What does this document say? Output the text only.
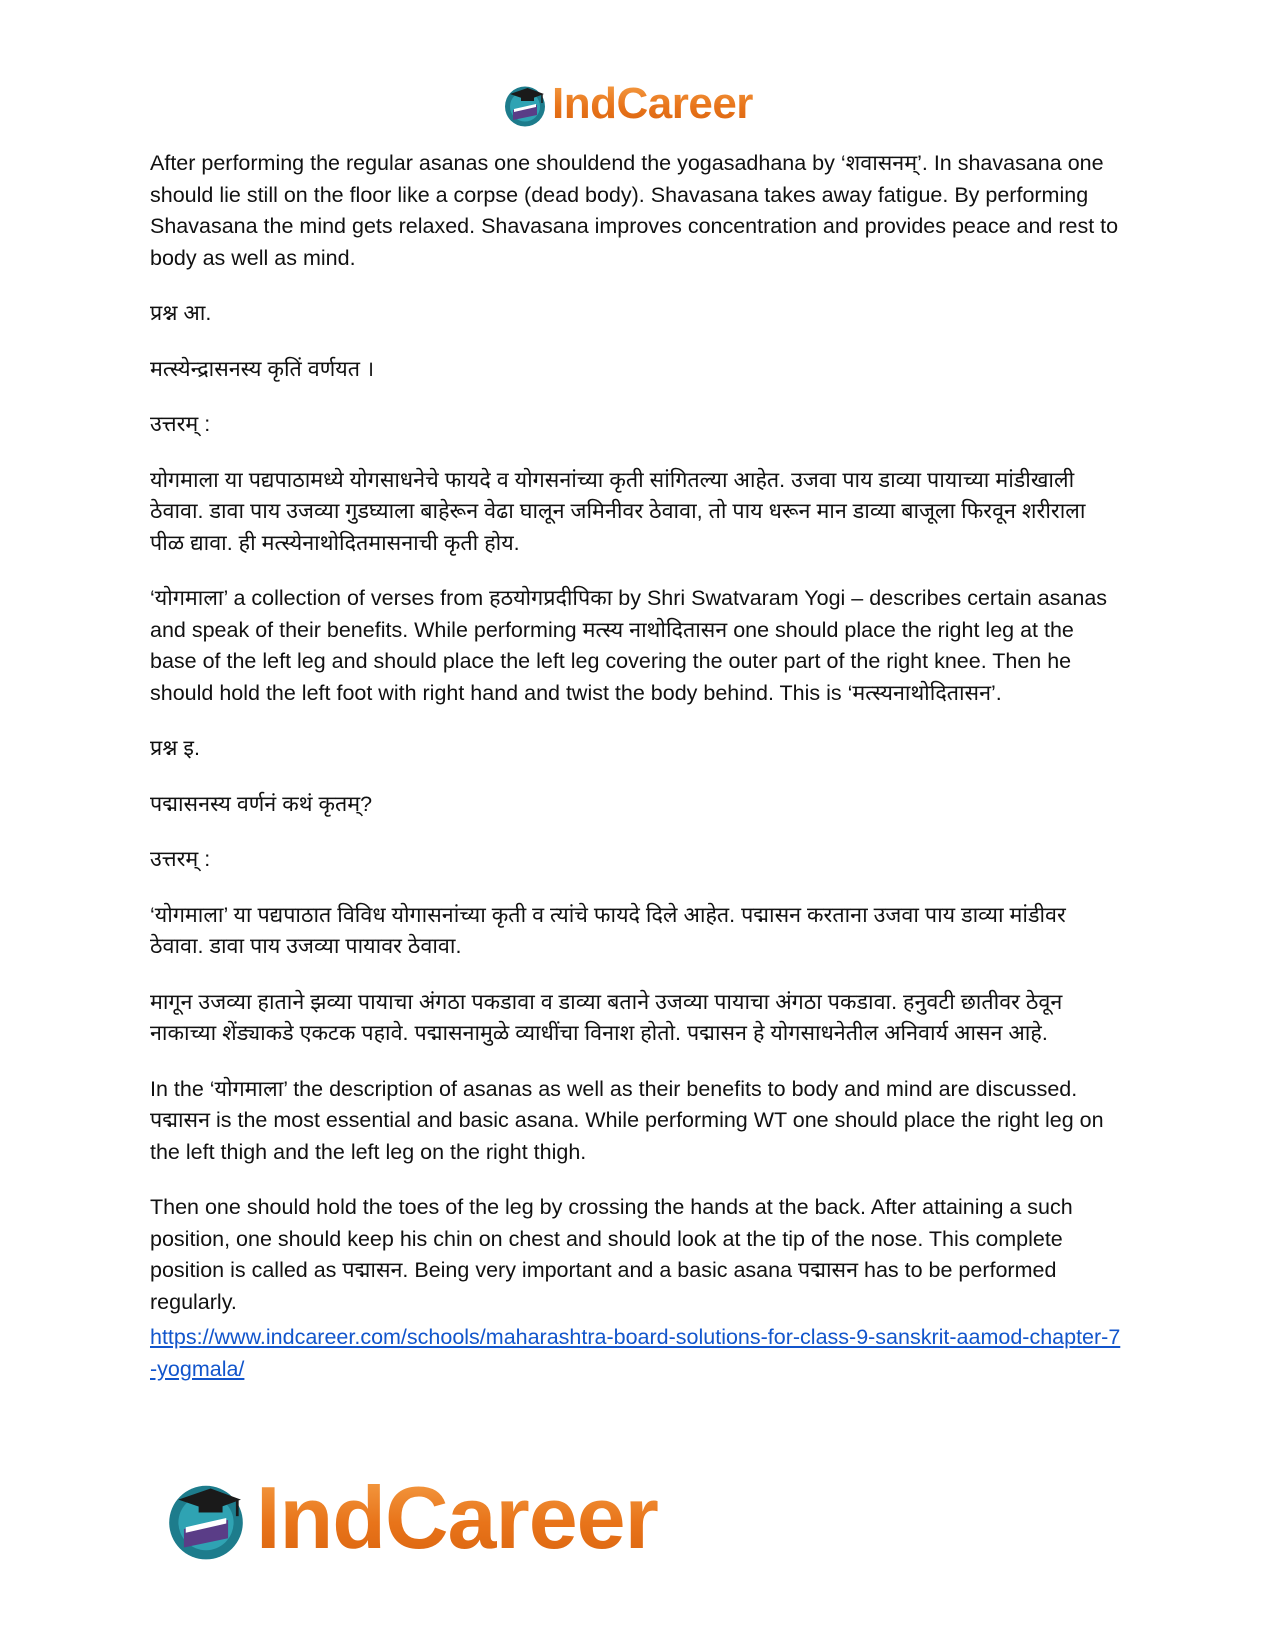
IndCareer

After performing the regular asanas one shouldend the yogasadhana by ‘शवासनम्’. In shavasana one should lie still on the floor like a corpse (dead body). Shavasana takes away fatigue. By performing Shavasana the mind gets relaxed. Shavasana improves concentration and provides peace and rest to body as well as mind.

प्रश्न आ.

मत्स्येन्द्रासनस्य कृतिं वर्णयत ।

उत्तरम् :

योगमाला या पद्यपाठामध्ये योगसाधनेचे फायदे व योगसनांच्या कृती सांगितल्या आहेत. उजवा पाय डाव्या पायाच्या मांडीखाली ठेवावा. डावा पाय उजव्या गुडघ्याला बाहेरून वेढा घालून जमिनीवर ठेवावा, तो पाय धरून मान डाव्या बाजूला फिरवून शरीराला पीळ द्यावा. ही मत्स्येनाथोदितमासनाची कृती होय.

‘योगमाला’ a collection of verses from हठयोगप्रदीपिका by Shri Swatvaram Yogi – describes certain asanas and speak of their benefits. While performing मत्स्य नाथोदितासन one should place the right leg at the base of the left leg and should place the left leg covering the outer part of the right knee. Then he should hold the left foot with right hand and twist the body behind. This is ‘मत्स्यनाथोदितासन’.

प्रश्न इ.

पद्मासनस्य वर्णनं कथं कृतम्?

उत्तरम् :

‘योगमाला’ या पद्यपाठात विविध योगासनांच्या कृती व त्यांचे फायदे दिले आहेत. पद्मासन करताना उजवा पाय डाव्या मांडीवर ठेवावा. डावा पाय उजव्या पायावर ठेवावा.

मागून उजव्या हाताने झव्या पायाचा अंगठा पकडावा व डाव्या बताने उजव्या पायाचा अंगठा पकडावा. हनुवटी छातीवर ठेवून नाकाच्या शेंड्याकडे एकटक पहावे. पद्मासनामुळे व्याधींचा विनाश होतो. पद्मासन हे योगसाधनेतील अनिवार्य आसन आहे.

In the ‘योगमाला’ the description of asanas as well as their benefits to body and mind are discussed. पद्मासन is the most essential and basic asana. While performing WT one should place the right leg on the left thigh and the left leg on the right thigh.

Then one should hold the toes of the leg by crossing the hands at the back. After attaining a such position, one should keep his chin on chest and should look at the tip of the nose. This complete position is called as पद्मासन. Being very important and a basic asana पद्मासन has to be performed regularly.

https://www.indcareer.com/schools/maharashtra-board-solutions-for-class-9-sanskrit-aamod-chapter-7-yogmala/

IndCareer
